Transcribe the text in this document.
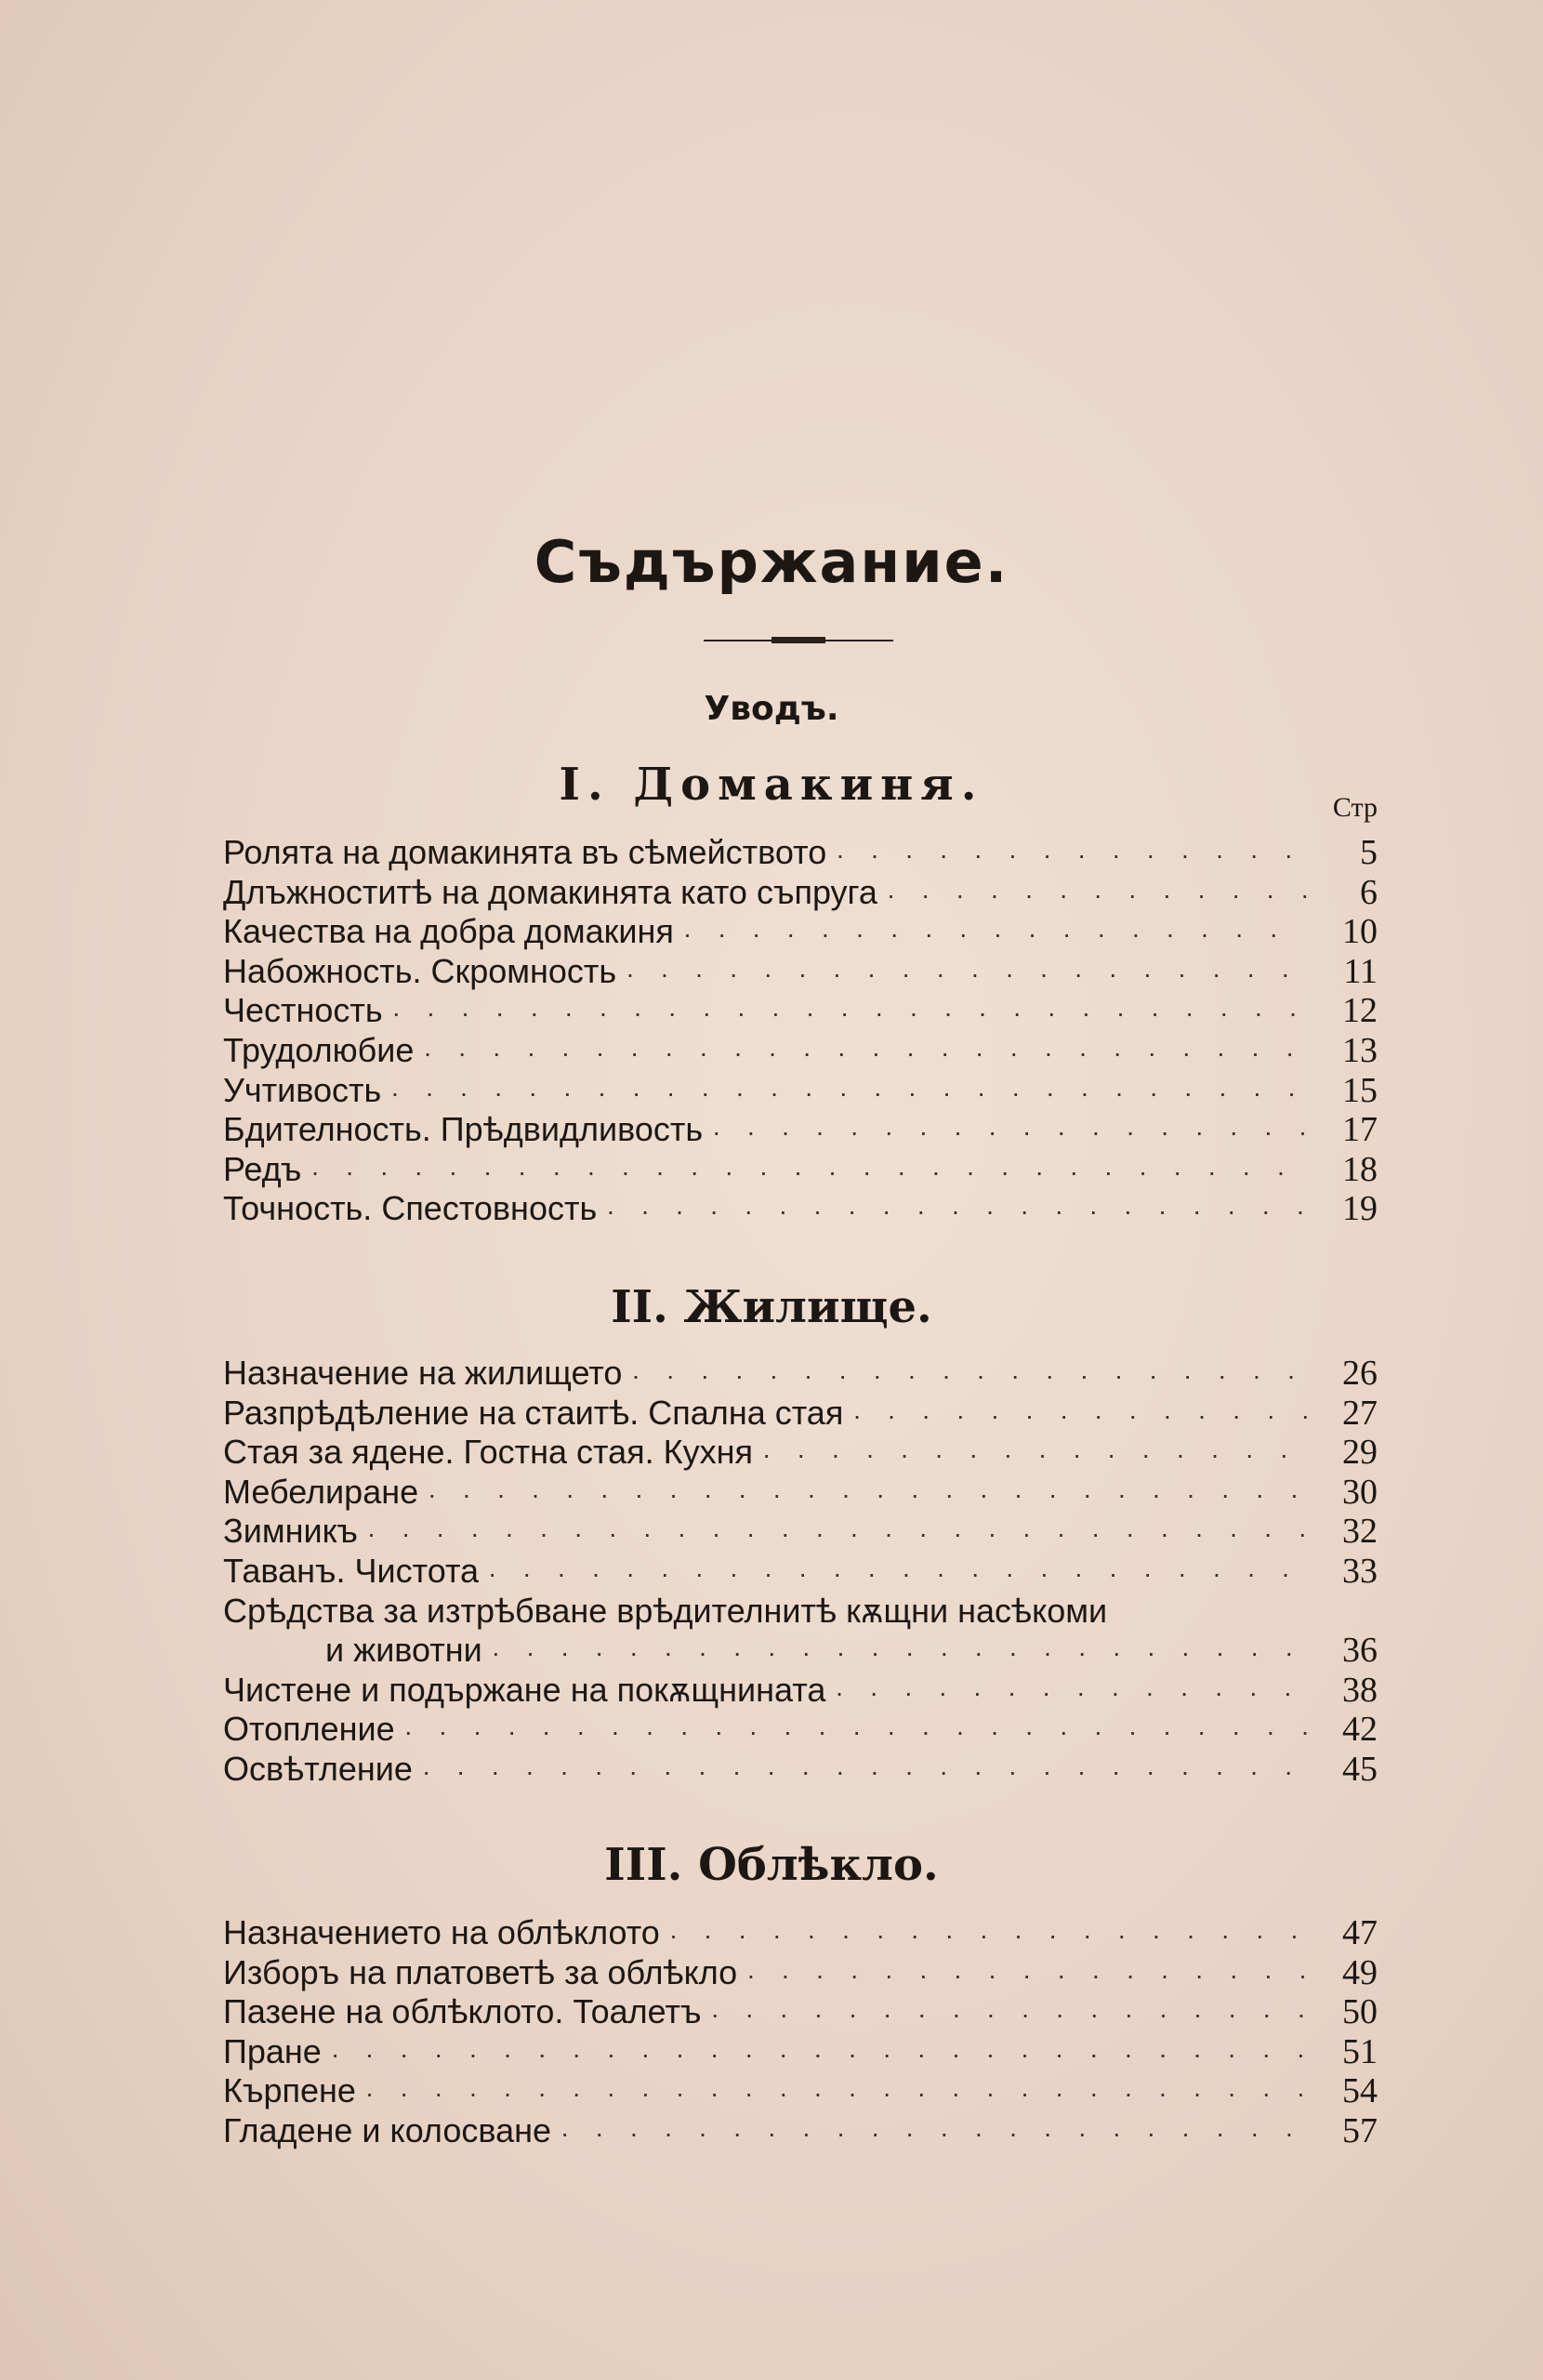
Съдържание.
Уводъ.
I. Домакиня.	Стр
Ролята на домакинята въ сѣмейството · · ·	5
Длъжноститѣ на домакинята като съпруга · · ·	6
Качества на добра домакиня · · ·	10
Набожность. Скромность · · ·	11
Честность · · ·	12
Трудолюбие · · ·	13
Учтивость · · ·	15
Бдителность. Прѣдвидливость · · ·	17
Редъ · · ·	18
Точность. Спестовность · · ·	19
II. Жилище.
Назначение на жилището · · ·	26
Разпрѣдѣление на стаитѣ. Спална стая · · ·	27
Стая за ядене. Гостна стая. Кухня · · ·	29
Мебелиране · · ·	30
Зимникъ · · ·	32
Таванъ. Чистота · · ·	33
Срѣдства за изтрѣбване врѣдителнитѣ кѫщни насѣкоми
и животни · · ·	36
Чистене и подържане на покѫщнината · · ·	38
Отопление · · ·	42
Освѣтление · · ·	45
III. Облѣкло.
Назначението на облѣклото · · ·	47
Изборъ на платоветѣ за облѣкло · · ·	49
Пазене на облѣклото. Тоалетъ · · ·	50
Пране · · ·	51
Кърпене · · ·	54
Гладене и колосване · · ·	57
